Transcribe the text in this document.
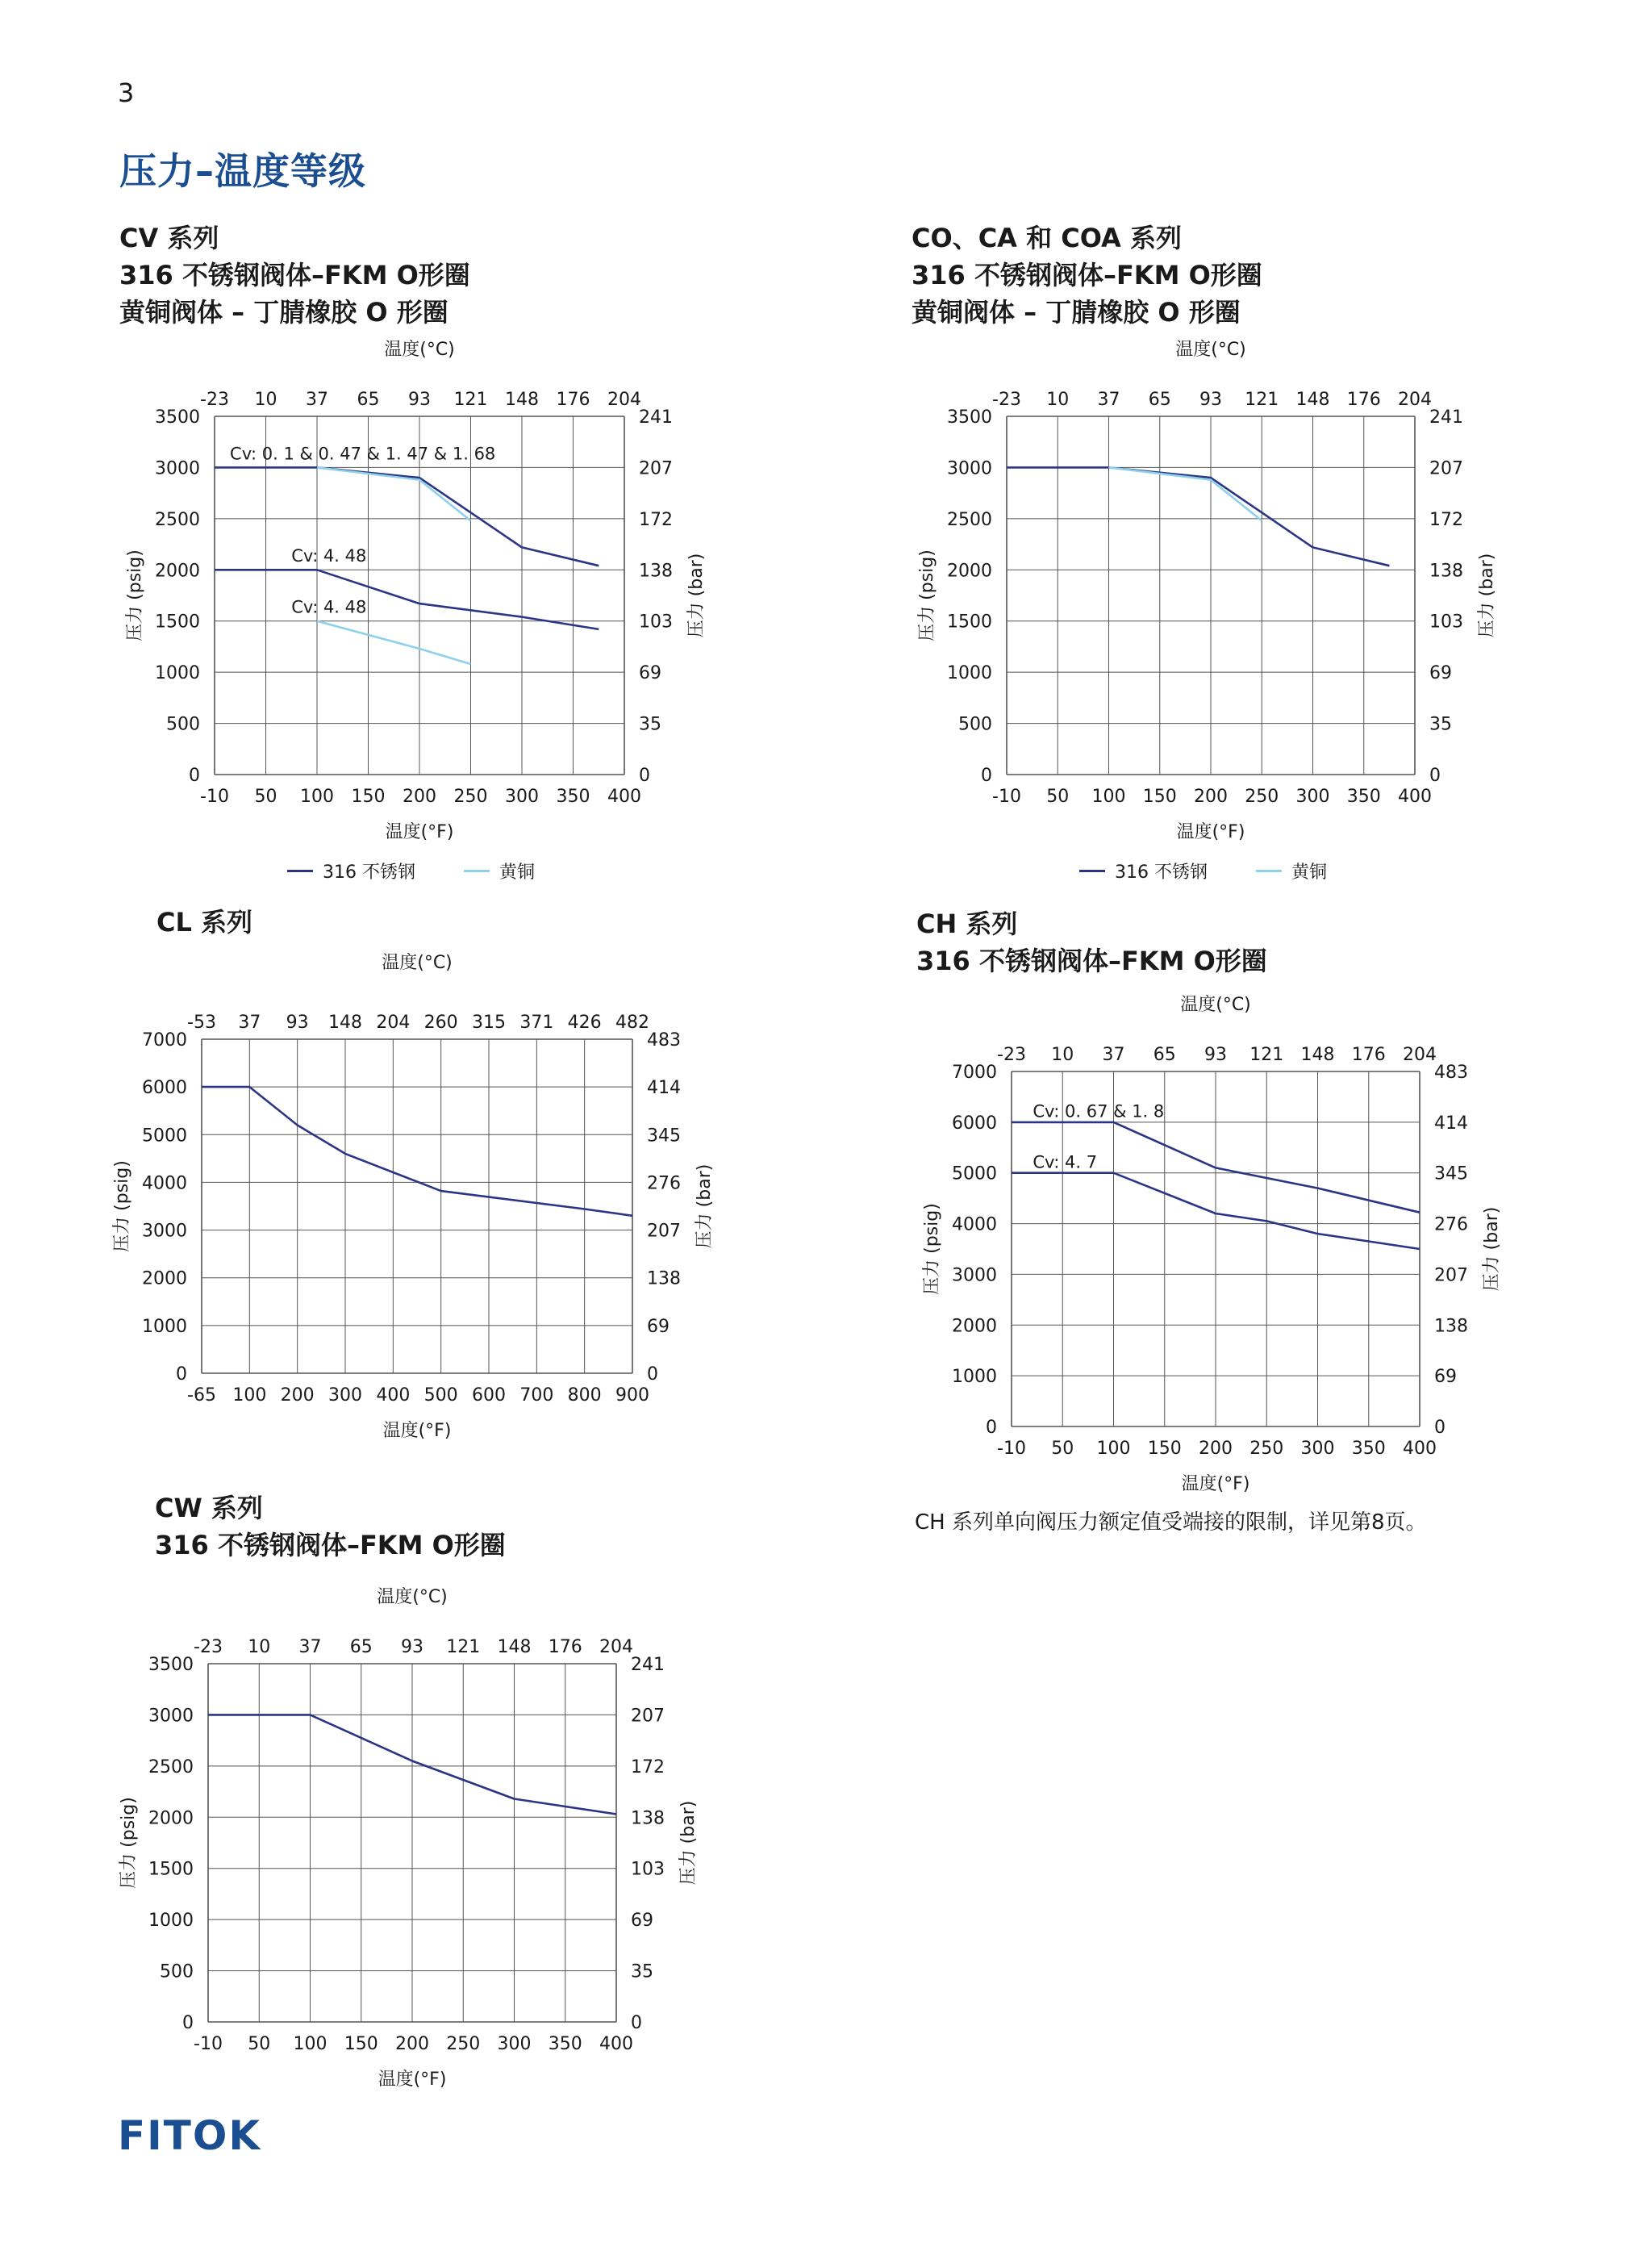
3
压力–温度等级
CV 系列
316 不锈钢阀体–FKM O形圈
黄铜阀体 – 丁腈橡胶 O 形圈
-10 50 100 150 200 250 300 350 400
-23 10 37 65 93 121 148 176 204
0
500
1000
1500
2000
2500
3000
3500
0
35
69
103
138
172
207
241
温度(°C)
温度(°F)
压力 (psig)	压力 (bar)
Cv: 0. 1 & 0. 47 & 1. 47 & 1. 68
Cv: 4. 48
Cv: 4. 48
316 不锈钢	黄铜
CO、CA 和 COA 系列
316 不锈钢阀体–FKM O形圈
黄铜阀体 – 丁腈橡胶 O 形圈
-10 50 100 150 200 250 300 350 400
-23 10 37 65 93 121 148 176 204
0
500
1000
1500
2000
2500
3000
3500
0
35
69
103
138
172
207
241
温度(°C)
温度(°F)
压力 (psig)	压力 (bar)
316 不锈钢	黄铜
CL 系列
-65 100 200 300 400 500 600 700 800 900
-53 37 93 148 204 260 315 371 426 482
0
1000
2000
3000
4000
5000
6000
7000
0
69
138
207
276
345
414
483
温度(°C)
温度(°F)
压力 (psig)	压力 (bar)
CH 系列
316 不锈钢阀体–FKM O形圈
-10 50 100 150 200 250 300 350 400
-23 10 37 65 93 121 148 176 204
0
1000
2000
3000
4000
5000
6000
7000
0
69
138
207
276
345
414
483
温度(°C)
温度(°F)
压力 (psig)	压力 (bar)
Cv: 0. 67 & 1. 8
Cv: 4. 7
CH 系列单向阀压力额定值受端接的限制，详见第8页。
CW 系列
316 不锈钢阀体–FKM O形圈
-10 50 100 150 200 250 300 350 400
-23 10 37 65 93 121 148 176 204
0
500
1000
1500
2000
2500
3000
3500
0
35
69
103
138
172
207
241
温度(°C)
温度(°F)
压力 (psig)	压力 (bar)
FITOK
